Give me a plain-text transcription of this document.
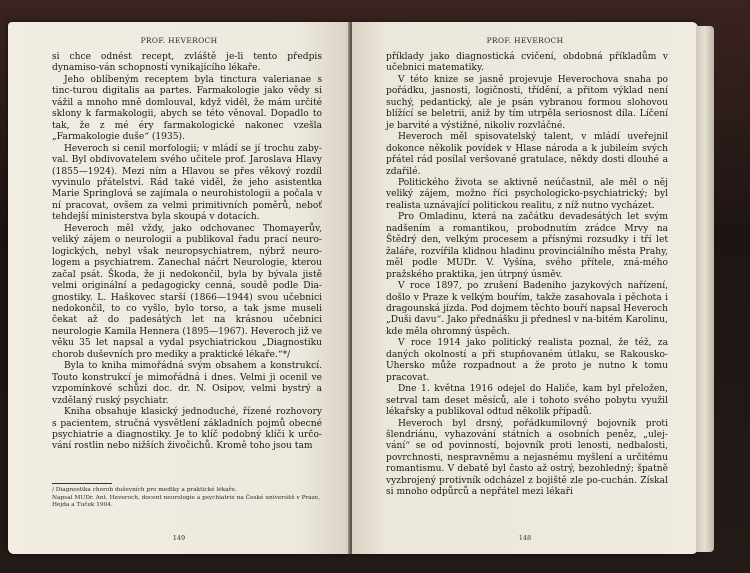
PROF. HEVEROCH

si chce odnést recept, zvláště je-li tento předpis dynamiso-ván schopností vynikajícího lékaře.

Jeho oblíbeným receptem byla tinctura valerianae s tinc-turou digitalis aa partes. Farmakologie jako vědy si vážil a mnoho mně domlouval, když viděl, že mám určité sklony k farmakologii, abych se této věnoval. Dopadlo to tak, že z mé éry farmakologické nakonec vzešla „Farmakologie duše“ (1935).

Heveroch si cenil morfologii; v mládí se jí trochu zaby-val. Byl obdivovatelem svého učitele prof. Jaroslava Hlavy (1855—1924). Mezi ním a Hlavou se přes věkový rozdíl vyvinulo přátelství. Rád také viděl, že jeho asistentka Marie Springlová se zajímala o neurohistologii a počala v ní pracovat, ovšem za velmi primitivních poměrů, neboť tehdejší ministerstva byla skoupá v dotacích.

Heveroch měl vždy, jako odchovanec Thomayerův, veliký zájem o neurologii a publikoval řadu prací neuro-logických, nebyl však neuropsychiatrem, nýbrž neuro-logem a psychiatrem. Zanechal náčrt Neurologie, kterou začal psát. Škoda, že ji nedokončil, byla by bývala jistě velmi originální a pedagogicky cenná, soudě podle Dia-gnostiky. L. Haškovec starší (1866—1944) svou učebnici nedokončil, to co vyšlo, bylo torso, a tak jsme museli čekat až do padesátých let na krásnou učebnici neurologie Kamila Hennera (1895—1967). Heveroch již ve věku 35 let napsal a vydal psychiatrickou „Diagnostiku chorob duševních pro mediky a praktické lékaře.“*/

Byla to kniha mimořádná svým obsahem a konstrukcí. Touto konstrukcí je mimořádná i dnes. Velmi ji ocenil ve vzpomínkové schůzi doc. dr. N. Osipov, velmi bystrý a vzdělaný ruský psychiatr.

Kniha obsahuje klasický jednoduché, řízené rozhovory s pacientem, stručná vysvětlení základních pojmů obecné psychiatrie a diagnostiky. Je to klíč podobný klíči k určo-vání rostlin nebo nižších živočichů. Kromě toho jsou tam

/ Diagnostika chorob duševních pro mediky a praktické lékaře.

Napsal MUDr. Ant. Heveroch, docent neurologie a psychiatrie na České universitě v Praze, Hejda a Tuček 1904.

149
PROF. HEVEROCH

příklady jako diagnostická cvičení, obdobná příkladům v učebnici matematiky.

V této knize se jasně projevuje Hevеrochova snaha po pořádku, jasnosti, logičnosti, třídění, a přitom výklad není suchý, pedantický, ale je psán vybranou formou slohovou blížící se beletrii, aniž by tím utrpěla seriosnost díla. Líčení je barvité a výstižné, nikoliv rozvláčné.

Heveroch měl spisovatelský talent, v mládí uveřejnil dokonce několik povídek v Hlase národa a k jubileím svých přátel rád posílal veršované gratulace, někdy dosti dlouhé a zdařilé.

Politického života se aktivně neúčastnil, ale měl o něj veliký zájem, možno říci psychologicko-psychiatrický; byl realista uznávající politickou realitu, z níž nutno vycházet.

Pro Omladinu, která na začátku devadesátých let svým nadšením a romantikou, probodnutím zrádce Mrvy na Štědrý den, velkým procesem a přísnými rozsudky i tří let žaláře, rozvířila klidnou hladinu provinciálního města Prahy, měl podle MUDr. V. Vyšína, svého přítele, zná-mého pražského praktika, jen útrpný úsměv.

V roce 1897, po zrušení Badeniho jazykových nařízení, došlo v Praze k velkým bouřím, takže zasahovala i pěchota i dragounská jízda. Pod dojmem těchto bouří napsal Heveroch „Duši davu“. Jako přednášku ji přednesl v na-bitém Karolinu, kde měla ohromný úspěch.

V roce 1914 jako politický realista poznal, že též, za daných okolností a při stupňovaném útlaku, se Rakousko-Uhersko může rozpadnout a že proto je nutno k tomu pracovat.

Dne 1. května 1916 odejel do Haliče, kam byl přeložen, setrval tam deset měsíců, ale i tohoto svého pobytu využil lékařsky a publikoval odtud několik případů.

Heveroch byl drsný, pořádkumilovný bojovník proti šlendriánu, vyhazování státních a osobních peněz, „ulej-vání“ se od povinností, bojovník proti lenosti, nedbalosti, povrchnosti, nespravněmu a nejasnému myšlení a určitému romantismu. V debatě byl často až ostrý, bezohledný; špatně vyzbrojený protivník odcházel z bojiště zle po-cuchán. Získal si mnoho odpůrců a nepřátel mezi lékaři

148
